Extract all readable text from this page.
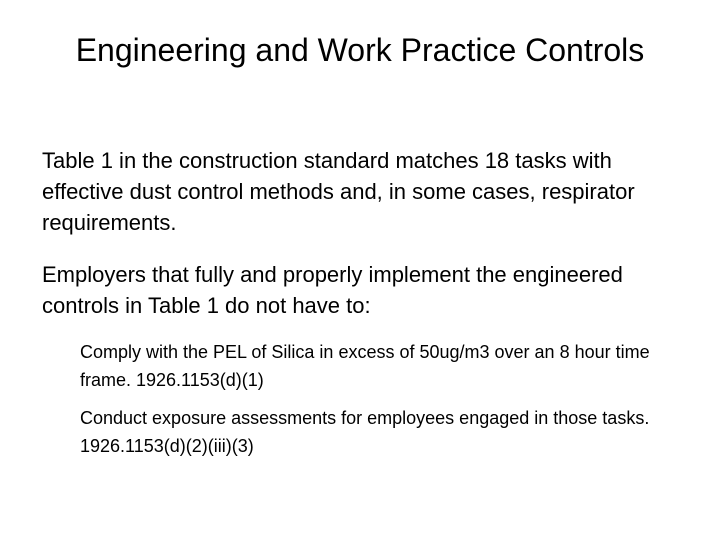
Engineering and Work Practice Controls

Table 1 in the construction standard matches 18 tasks with effective dust control methods and, in some cases, respirator requirements.

Employers that fully and properly implement the engineered controls in Table 1 do not have to:

Comply with the PEL of Silica in excess of 50ug/m3 over an 8 hour time frame. 1926.1153(d)(1)

Conduct exposure assessments for employees engaged in those tasks. 1926.1153(d)(2)(iii)(3)
